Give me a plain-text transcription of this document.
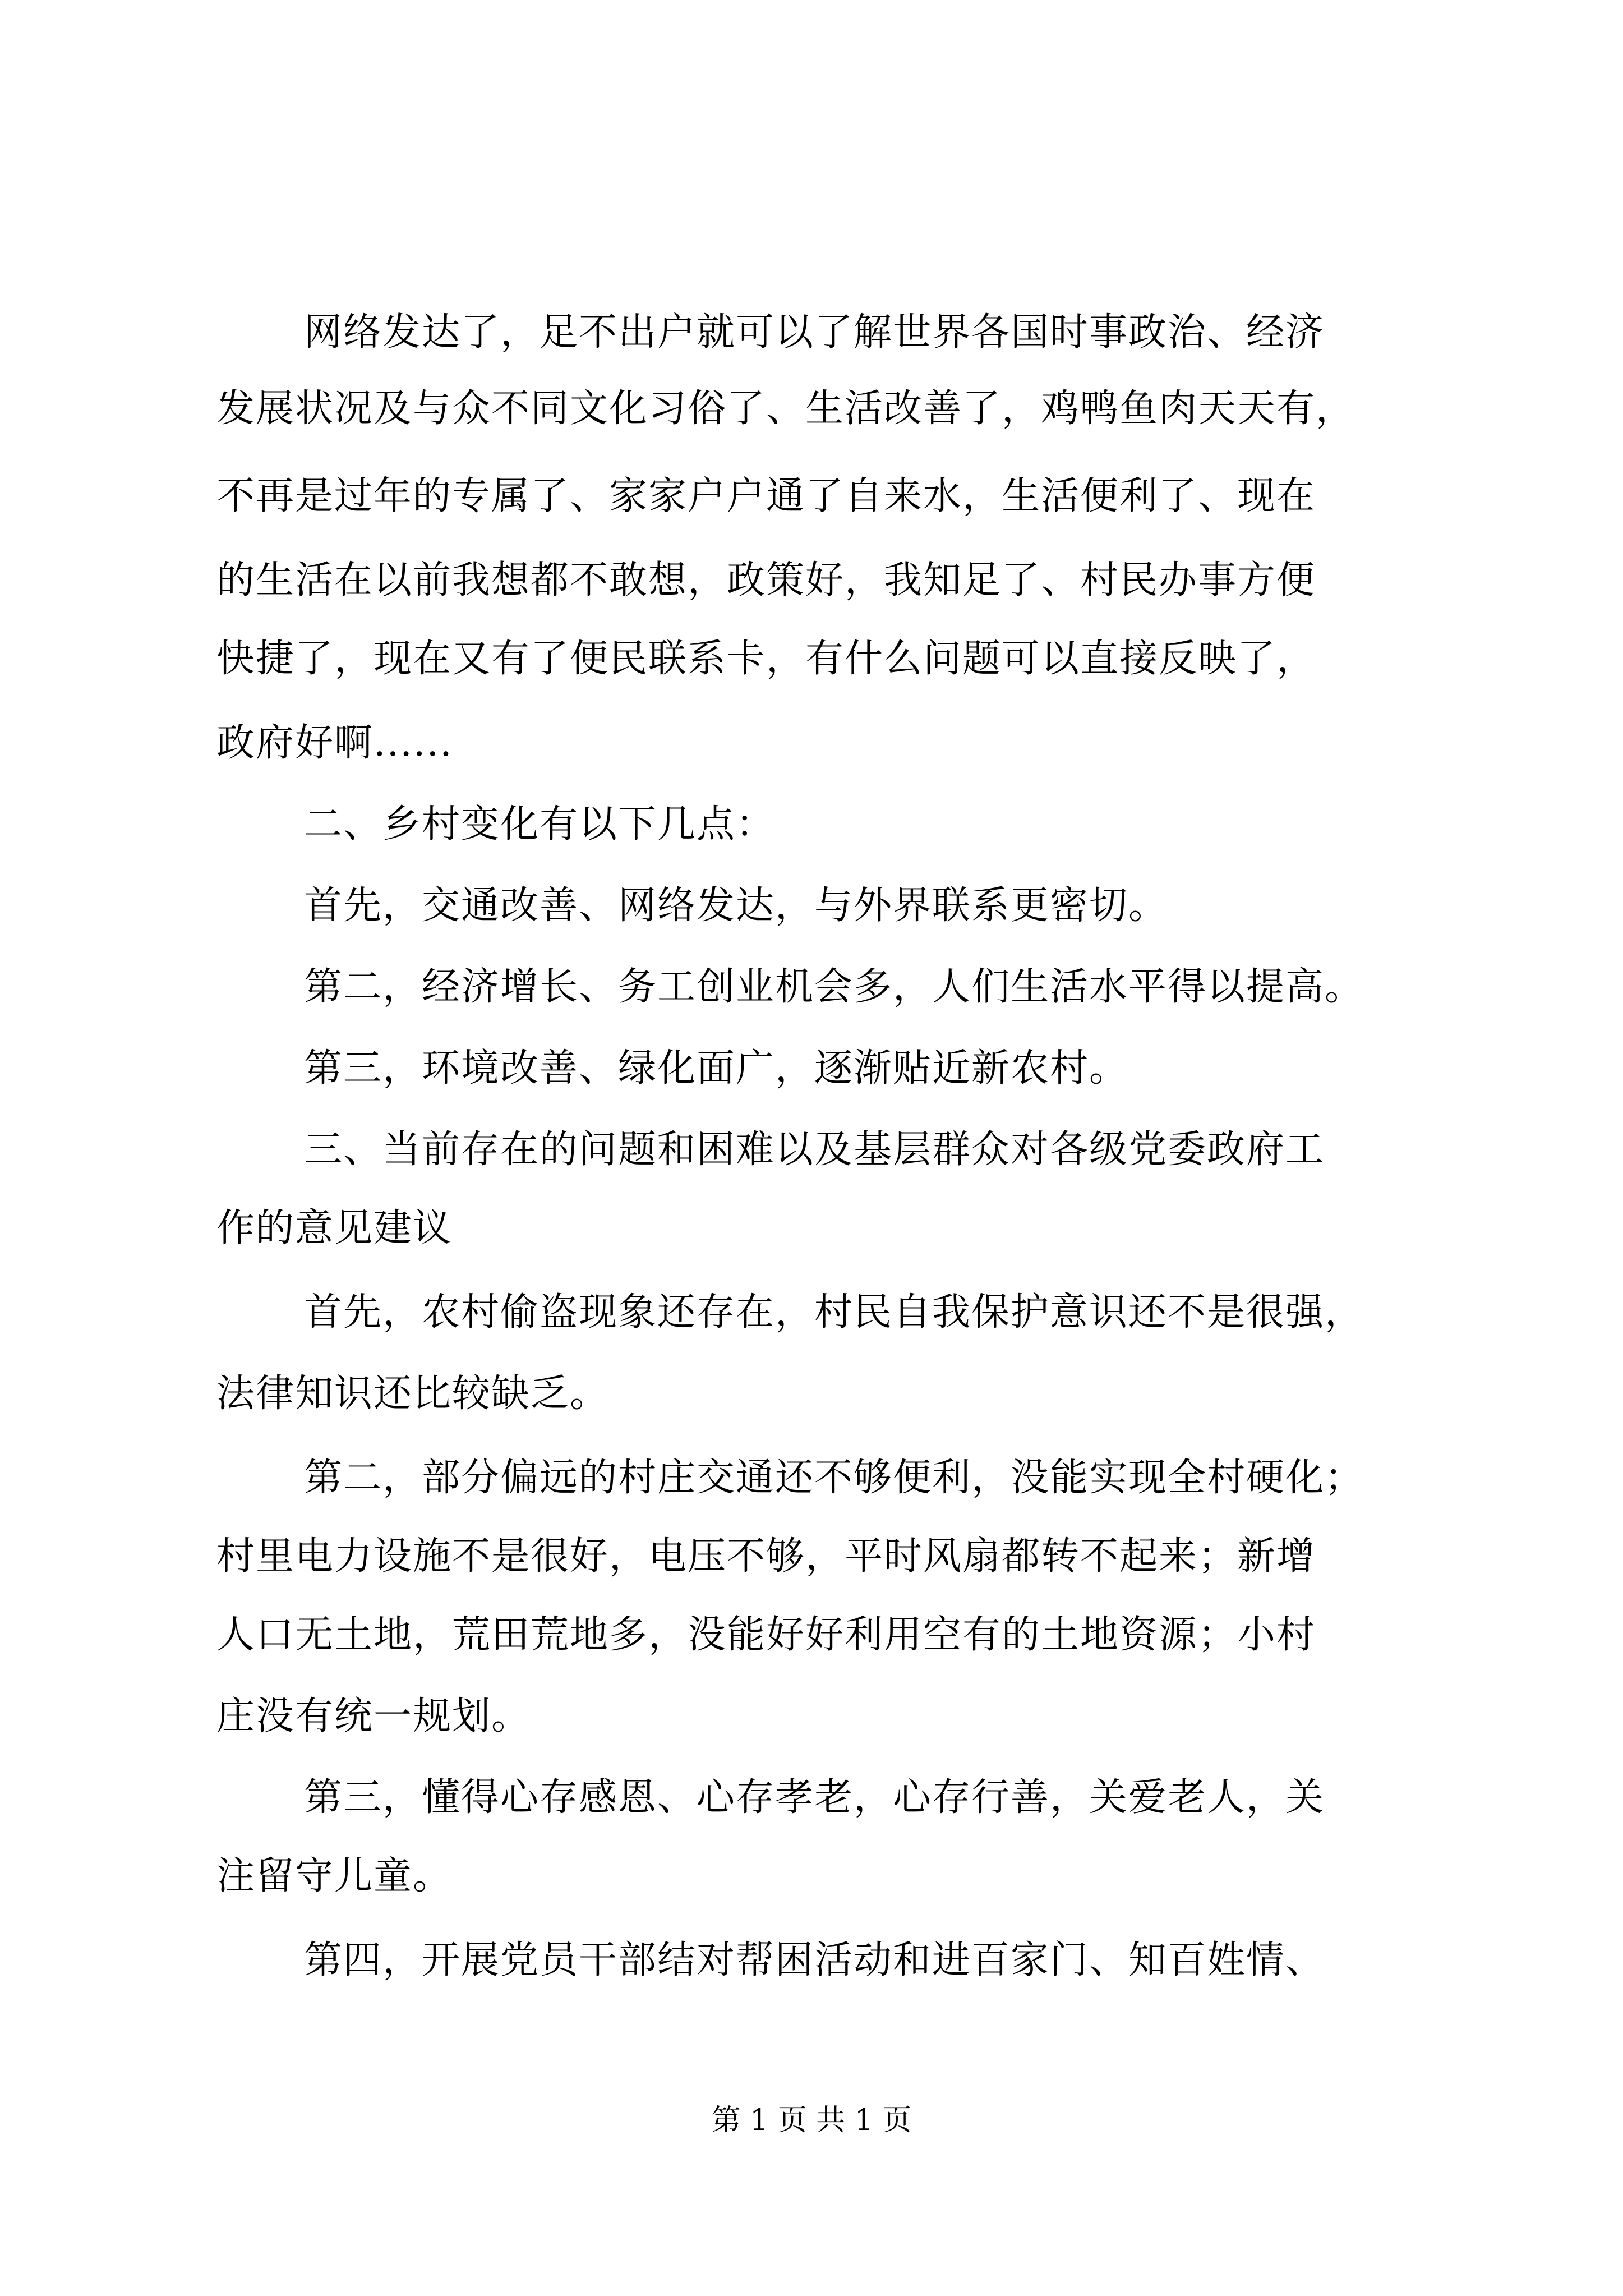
网络发达了，足不出户就可以了解世界各国时事政治、经济
发展状况及与众不同文化习俗了、生活改善了，鸡鸭鱼肉天天有，
不再是过年的专属了、家家户户通了自来水，生活便利了、现在
的生活在以前我想都不敢想，政策好，我知足了、村民办事方便
快捷了，现在又有了便民联系卡，有什么问题可以直接反映了，
政府好啊......
二、乡村变化有以下几点：
首先，交通改善、网络发达，与外界联系更密切。
第二，经济增长、务工创业机会多，人们生活水平得以提高。
第三，环境改善、绿化面广，逐渐贴近新农村。
三、当前存在的问题和困难以及基层群众对各级党委政府工
作的意见建议
首先，农村偷盗现象还存在，村民自我保护意识还不是很强，
法律知识还比较缺乏。
第二，部分偏远的村庄交通还不够便利，没能实现全村硬化；
村里电力设施不是很好，电压不够，平时风扇都转不起来；新增
人口无土地，荒田荒地多，没能好好利用空有的土地资源；小村
庄没有统一规划。
第三，懂得心存感恩、心存孝老，心存行善，关爱老人，关
注留守儿童。
第四，开展党员干部结对帮困活动和进百家门、知百姓情、
第 1 页 共 1 页
